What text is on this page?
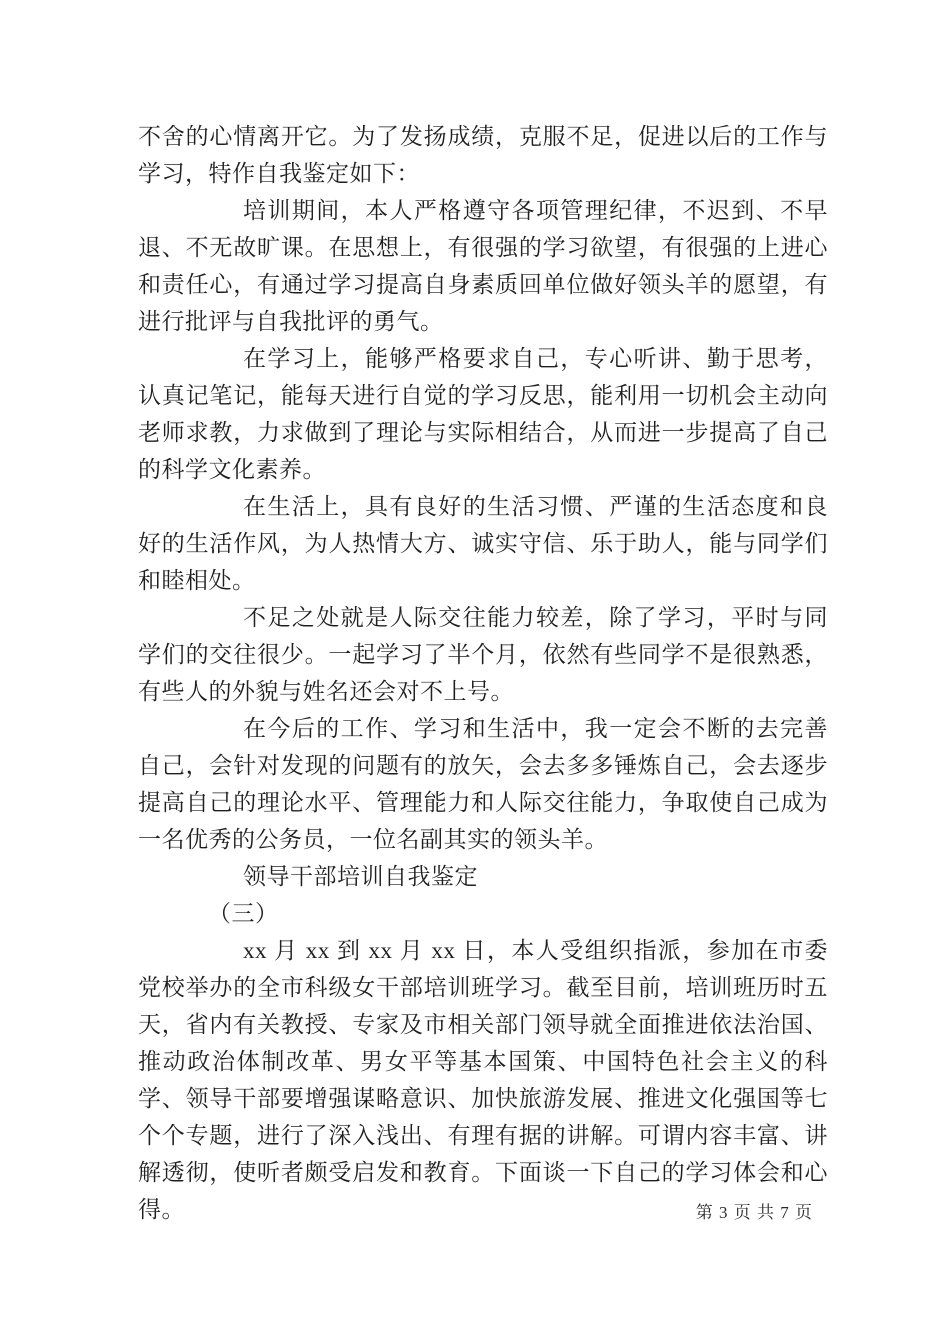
不舍的心情离开它。为了发扬成绩，克服不足，促进以后的工作与学习，特作自我鉴定如下：

培训期间，本人严格遵守各项管理纪律，不迟到、不早退、不无故旷课。在思想上，有很强的学习欲望，有很强的上进心和责任心，有通过学习提高自身素质回单位做好领头羊的愿望，有进行批评与自我批评的勇气。

在学习上，能够严格要求自己，专心听讲、勤于思考，认真记笔记，能每天进行自觉的学习反思，能利用一切机会主动向老师求教，力求做到了理论与实际相结合，从而进一步提高了自己的科学文化素养。

在生活上，具有良好的生活习惯、严谨的生活态度和良好的生活作风，为人热情大方、诚实守信、乐于助人，能与同学们和睦相处。

不足之处就是人际交往能力较差，除了学习，平时与同学们的交往很少。一起学习了半个月，依然有些同学不是很熟悉，有些人的外貌与姓名还会对不上号。

在今后的工作、学习和生活中，我一定会不断的去完善自己，会针对发现的问题有的放矢，会去多多锤炼自己，会去逐步提高自己的理论水平、管理能力和人际交往能力，争取使自己成为一名优秀的公务员，一位名副其实的领头羊。

领导干部培训自我鉴定

（三）

xx 月 xx 到 xx 月 xx 日，本人受组织指派，参加在市委党校举办的全市科级女干部培训班学习。截至目前，培训班历时五天，省内有关教授、专家及市相关部门领导就全面推进依法治国、推动政治体制改革、男女平等基本国策、中国特色社会主义的科学、领导干部要增强谋略意识、加快旅游发展、推进文化强国等七个个专题，进行了深入浅出、有理有据的讲解。可谓内容丰富、讲解透彻，使听者颇受启发和教育。下面谈一下自己的学习体会和心得。	第 3 页 共 7 页
